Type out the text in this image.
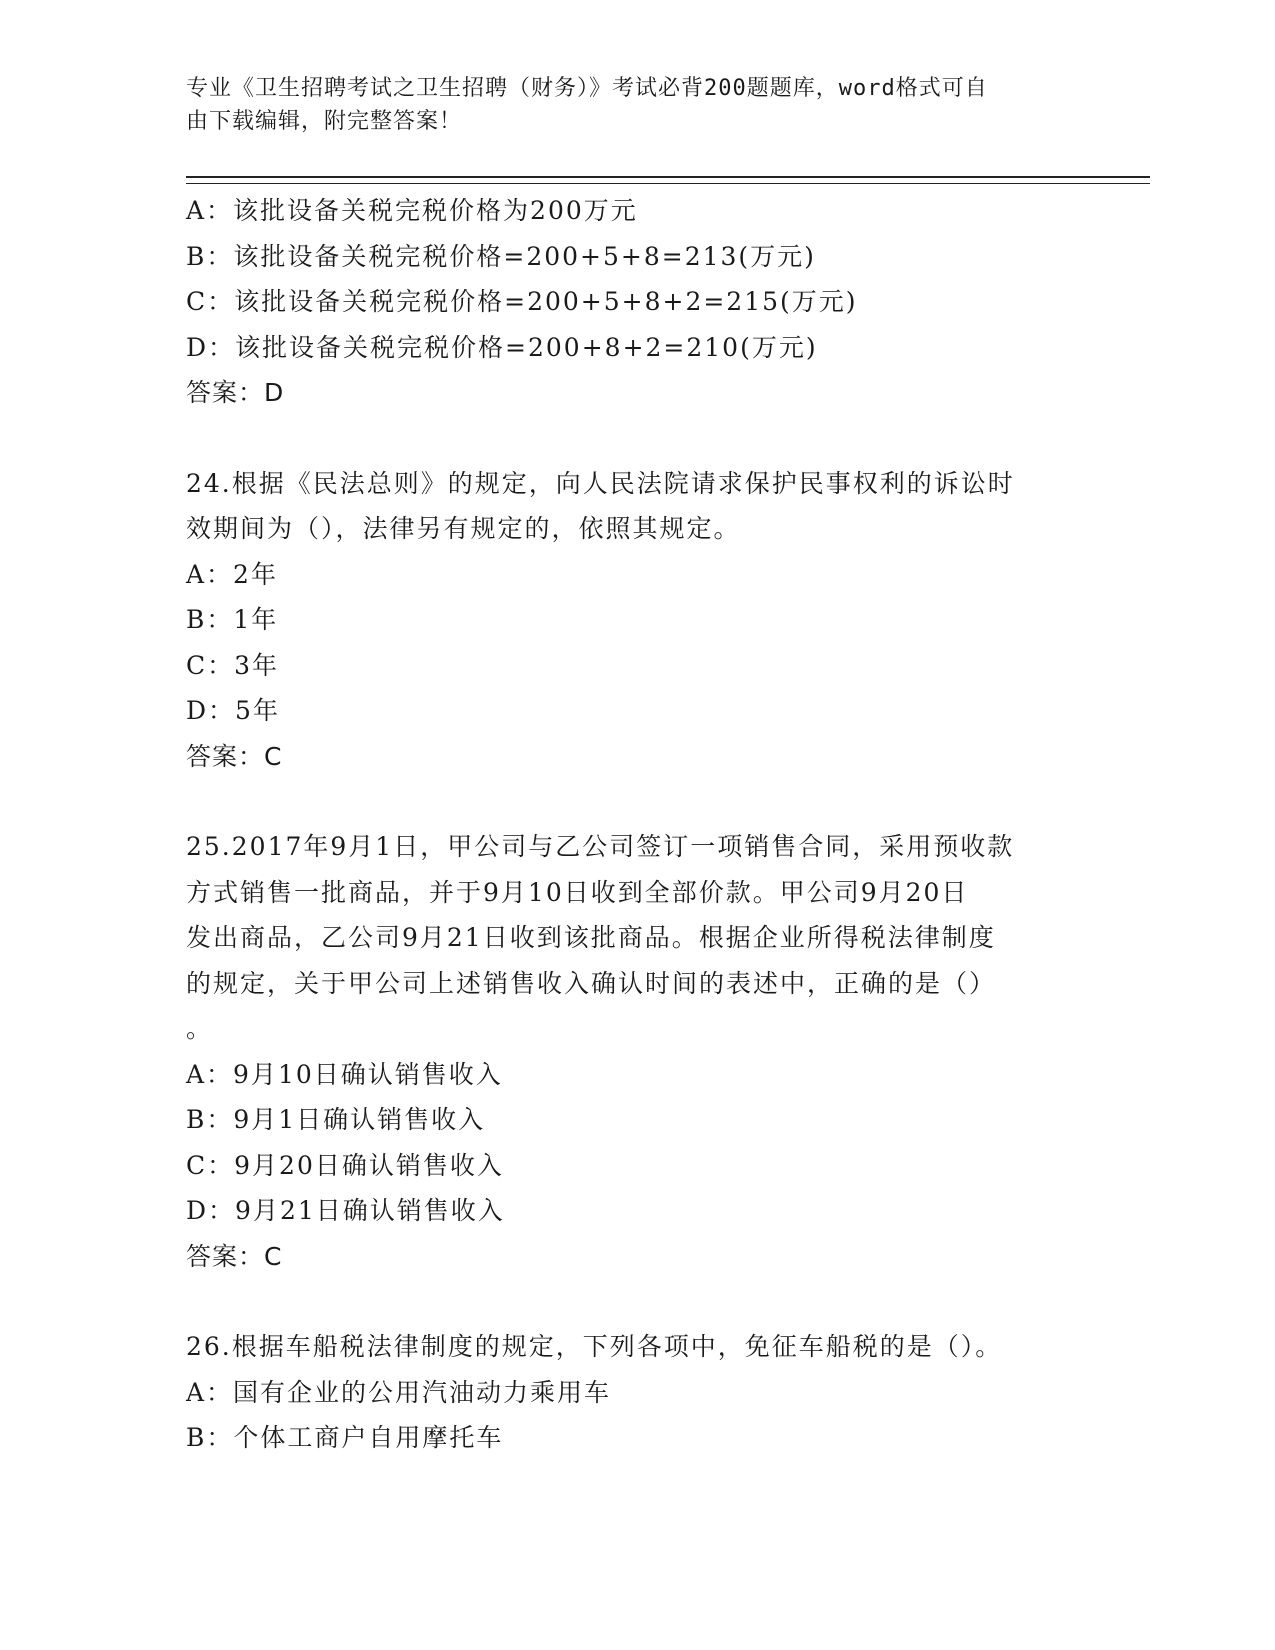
专业《卫生招聘考试之卫生招聘（财务）》考试必背200题题库，word格式可自
由下载编辑，附完整答案！
A：该批设备关税完税价格为200万元
B：该批设备关税完税价格=200+5+8=213(万元)
C：该批设备关税完税价格=200+5+8+2=215(万元)
D：该批设备关税完税价格=200+8+2=210(万元)
答案：D
24.根据《民法总则》的规定，向人民法院请求保护民事权利的诉讼时
效期间为（），法律另有规定的，依照其规定。
A：2年
B：1年
C：3年
D：5年
答案：C
25.2017年9月1日，甲公司与乙公司签订一项销售合同，采用预收款
方式销售一批商品，并于9月10日收到全部价款。甲公司9月20日
发出商品，乙公司9月21日收到该批商品。根据企业所得税法律制度
的规定，关于甲公司上述销售收入确认时间的表述中，正确的是（）
。
A：9月10日确认销售收入
B：9月1日确认销售收入
C：9月20日确认销售收入
D：9月21日确认销售收入
答案：C
26.根据车船税法律制度的规定，下列各项中，免征车船税的是（）。
A：国有企业的公用汽油动力乘用车
B：个体工商户自用摩托车
